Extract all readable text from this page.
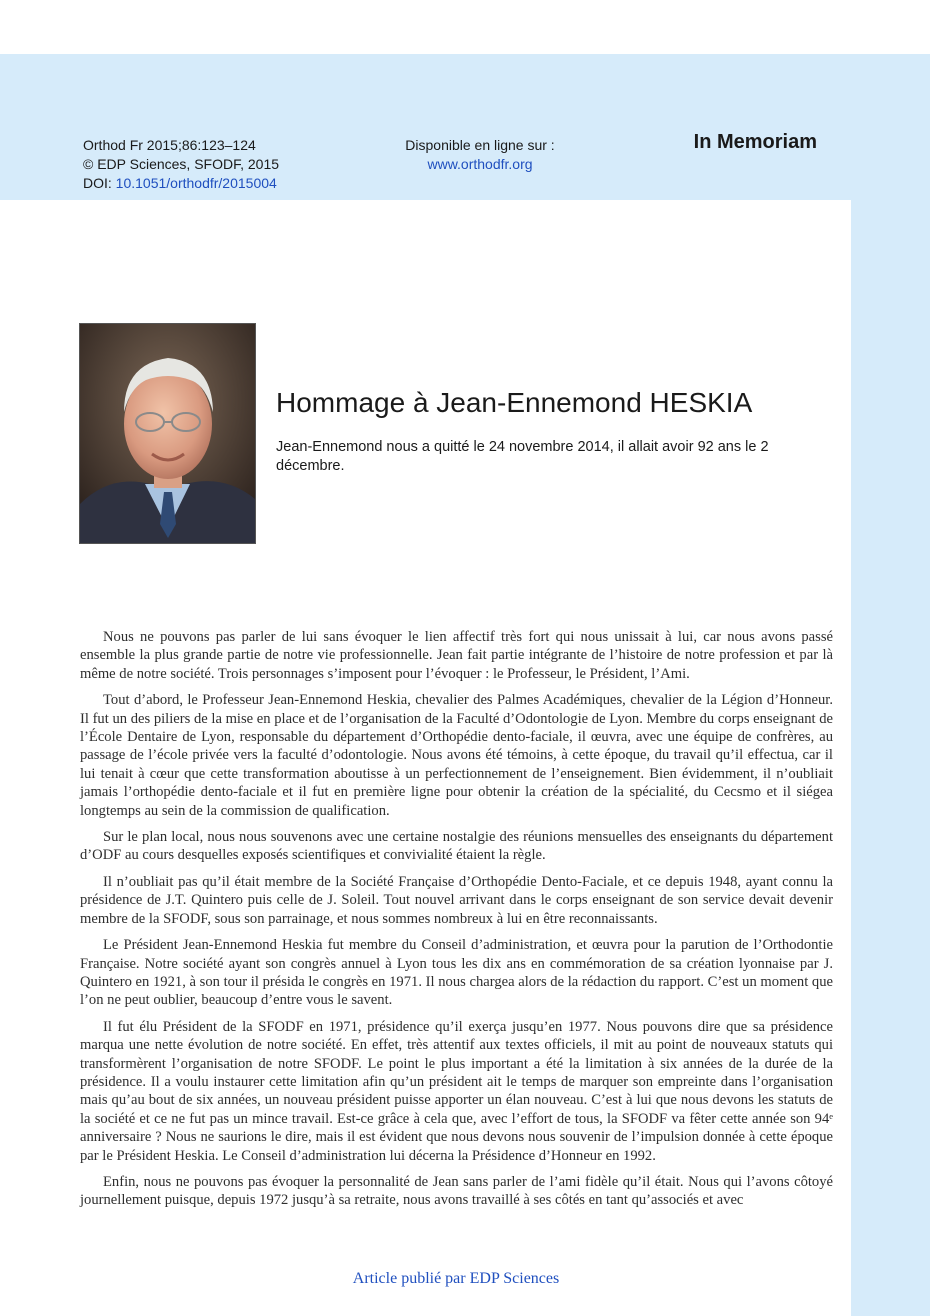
Orthod Fr 2015;86:123–124
© EDP Sciences, SFODF, 2015
DOI: 10.1051/orthodfr/2015004
Disponible en ligne sur :
www.orthodfr.org
In Memoriam
Hommage à Jean-Ennemond HESKIA
Jean-Ennemond nous a quitté le 24 novembre 2014, il allait avoir 92 ans le 2 décembre.

Nous ne pouvons pas parler de lui sans évoquer le lien affectif très fort qui nous unissait à lui, car nous avons passé ensemble la plus grande partie de notre vie professionnelle. Jean fait partie intégrante de l’histoire de notre profession et par là même de notre société. Trois personnages s’imposent pour l’évoquer : le Professeur, le Président, l’Ami.

Tout d’abord, le Professeur Jean-Ennemond Heskia, chevalier des Palmes Académiques, chevalier de la Légion d’Honneur. Il fut un des piliers de la mise en place et de l’organisation de la Faculté d’Odontologie de Lyon. Membre du corps enseignant de l’École Dentaire de Lyon, responsable du département d’Orthopédie dento-faciale, il œuvra, avec une équipe de confrères, au passage de l’école privée vers la faculté d’odontologie. Nous avons été témoins, à cette époque, du travail qu’il effectua, car il lui tenait à cœur que cette transformation aboutisse à un perfectionnement de l’enseignement. Bien évidemment, il n’oubliait jamais l’orthopédie dento-faciale et il fut en première ligne pour obtenir la création de la spécialité, du Cecsmo et il siégea longtemps au sein de la commission de qualification.

Sur le plan local, nous nous souvenons avec une certaine nostalgie des réunions mensuelles des enseignants du département d’ODF au cours desquelles exposés scientifiques et convivialité étaient la règle.

Il n’oubliait pas qu’il était membre de la Société Française d’Orthopédie Dento-Faciale, et ce depuis 1948, ayant connu la présidence de J.T. Quintero puis celle de J. Soleil. Tout nouvel arrivant dans le corps enseignant de son service devait devenir membre de la SFODF, sous son parrainage, et nous sommes nombreux à lui en être reconnaissants.

Le Président Jean-Ennemond Heskia fut membre du Conseil d’administration, et œuvra pour la parution de l’Orthodontie Française. Notre société ayant son congrès annuel à Lyon tous les dix ans en commémoration de sa création lyonnaise par J. Quintero en 1921, à son tour il présida le congrès en 1971. Il nous chargea alors de la rédaction du rapport. C’est un moment que l’on ne peut oublier, beaucoup d’entre vous le savent.

Il fut élu Président de la SFODF en 1971, présidence qu’il exerça jusqu’en 1977. Nous pouvons dire que sa présidence marqua une nette évolution de notre société. En effet, très attentif aux textes officiels, il mit au point de nouveaux statuts qui transformèrent l’organisation de notre SFODF. Le point le plus important a été la limitation à six années de la durée de la présidence. Il a voulu instaurer cette limitation afin qu’un président ait le temps de marquer son empreinte dans l’organisation mais qu’au bout de six années, un nouveau président puisse apporter un élan nouveau. C’est à lui que nous devons les statuts de la société et ce ne fut pas un mince travail. Est-ce grâce à cela que, avec l’effort de tous, la SFODF va fêter cette année son 94ᵉ anniversaire ? Nous ne saurions le dire, mais il est évident que nous devons nous souvenir de l’impulsion donnée à cette époque par le Président Heskia. Le Conseil d’administration lui décerna la Présidence d’Honneur en 1992.

Enfin, nous ne pouvons pas évoquer la personnalité de Jean sans parler de l’ami fidèle qu’il était. Nous qui l’avons côtoyé journellement puisque, depuis 1972 jusqu’à sa retraite, nous avons travaillé à ses côtés en tant qu’associés et avec

Article publié par EDP Sciences
